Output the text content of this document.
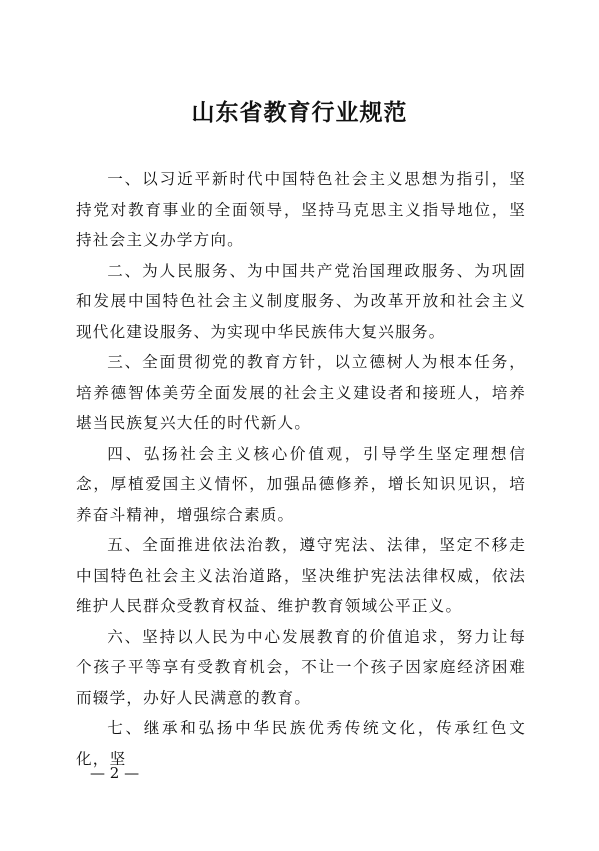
山东省教育行业规范

一、以习近平新时代中国特色社会主义思想为指引，坚持党对教育事业的全面领导，坚持马克思主义指导地位，坚持社会主义办学方向。

二、为人民服务、为中国共产党治国理政服务、为巩固和发展中国特色社会主义制度服务、为改革开放和社会主义现代化建设服务、为实现中华民族伟大复兴服务。

三、全面贯彻党的教育方针，以立德树人为根本任务，培养德智体美劳全面发展的社会主义建设者和接班人，培养堪当民族复兴大任的时代新人。

四、弘扬社会主义核心价值观，引导学生坚定理想信念，厚植爱国主义情怀，加强品德修养，增长知识见识，培养奋斗精神，增强综合素质。

五、全面推进依法治教，遵守宪法、法律，坚定不移走中国特色社会主义法治道路，坚决维护宪法法律权威，依法维护人民群众受教育权益、维护教育领域公平正义。

六、坚持以人民为中心发展教育的价值追求，努力让每个孩子平等享有受教育机会，不让一个孩子因家庭经济困难而辍学，办好人民满意的教育。

七、继承和弘扬中华民族优秀传统文化，传承红色文化，坚

— 2 —
